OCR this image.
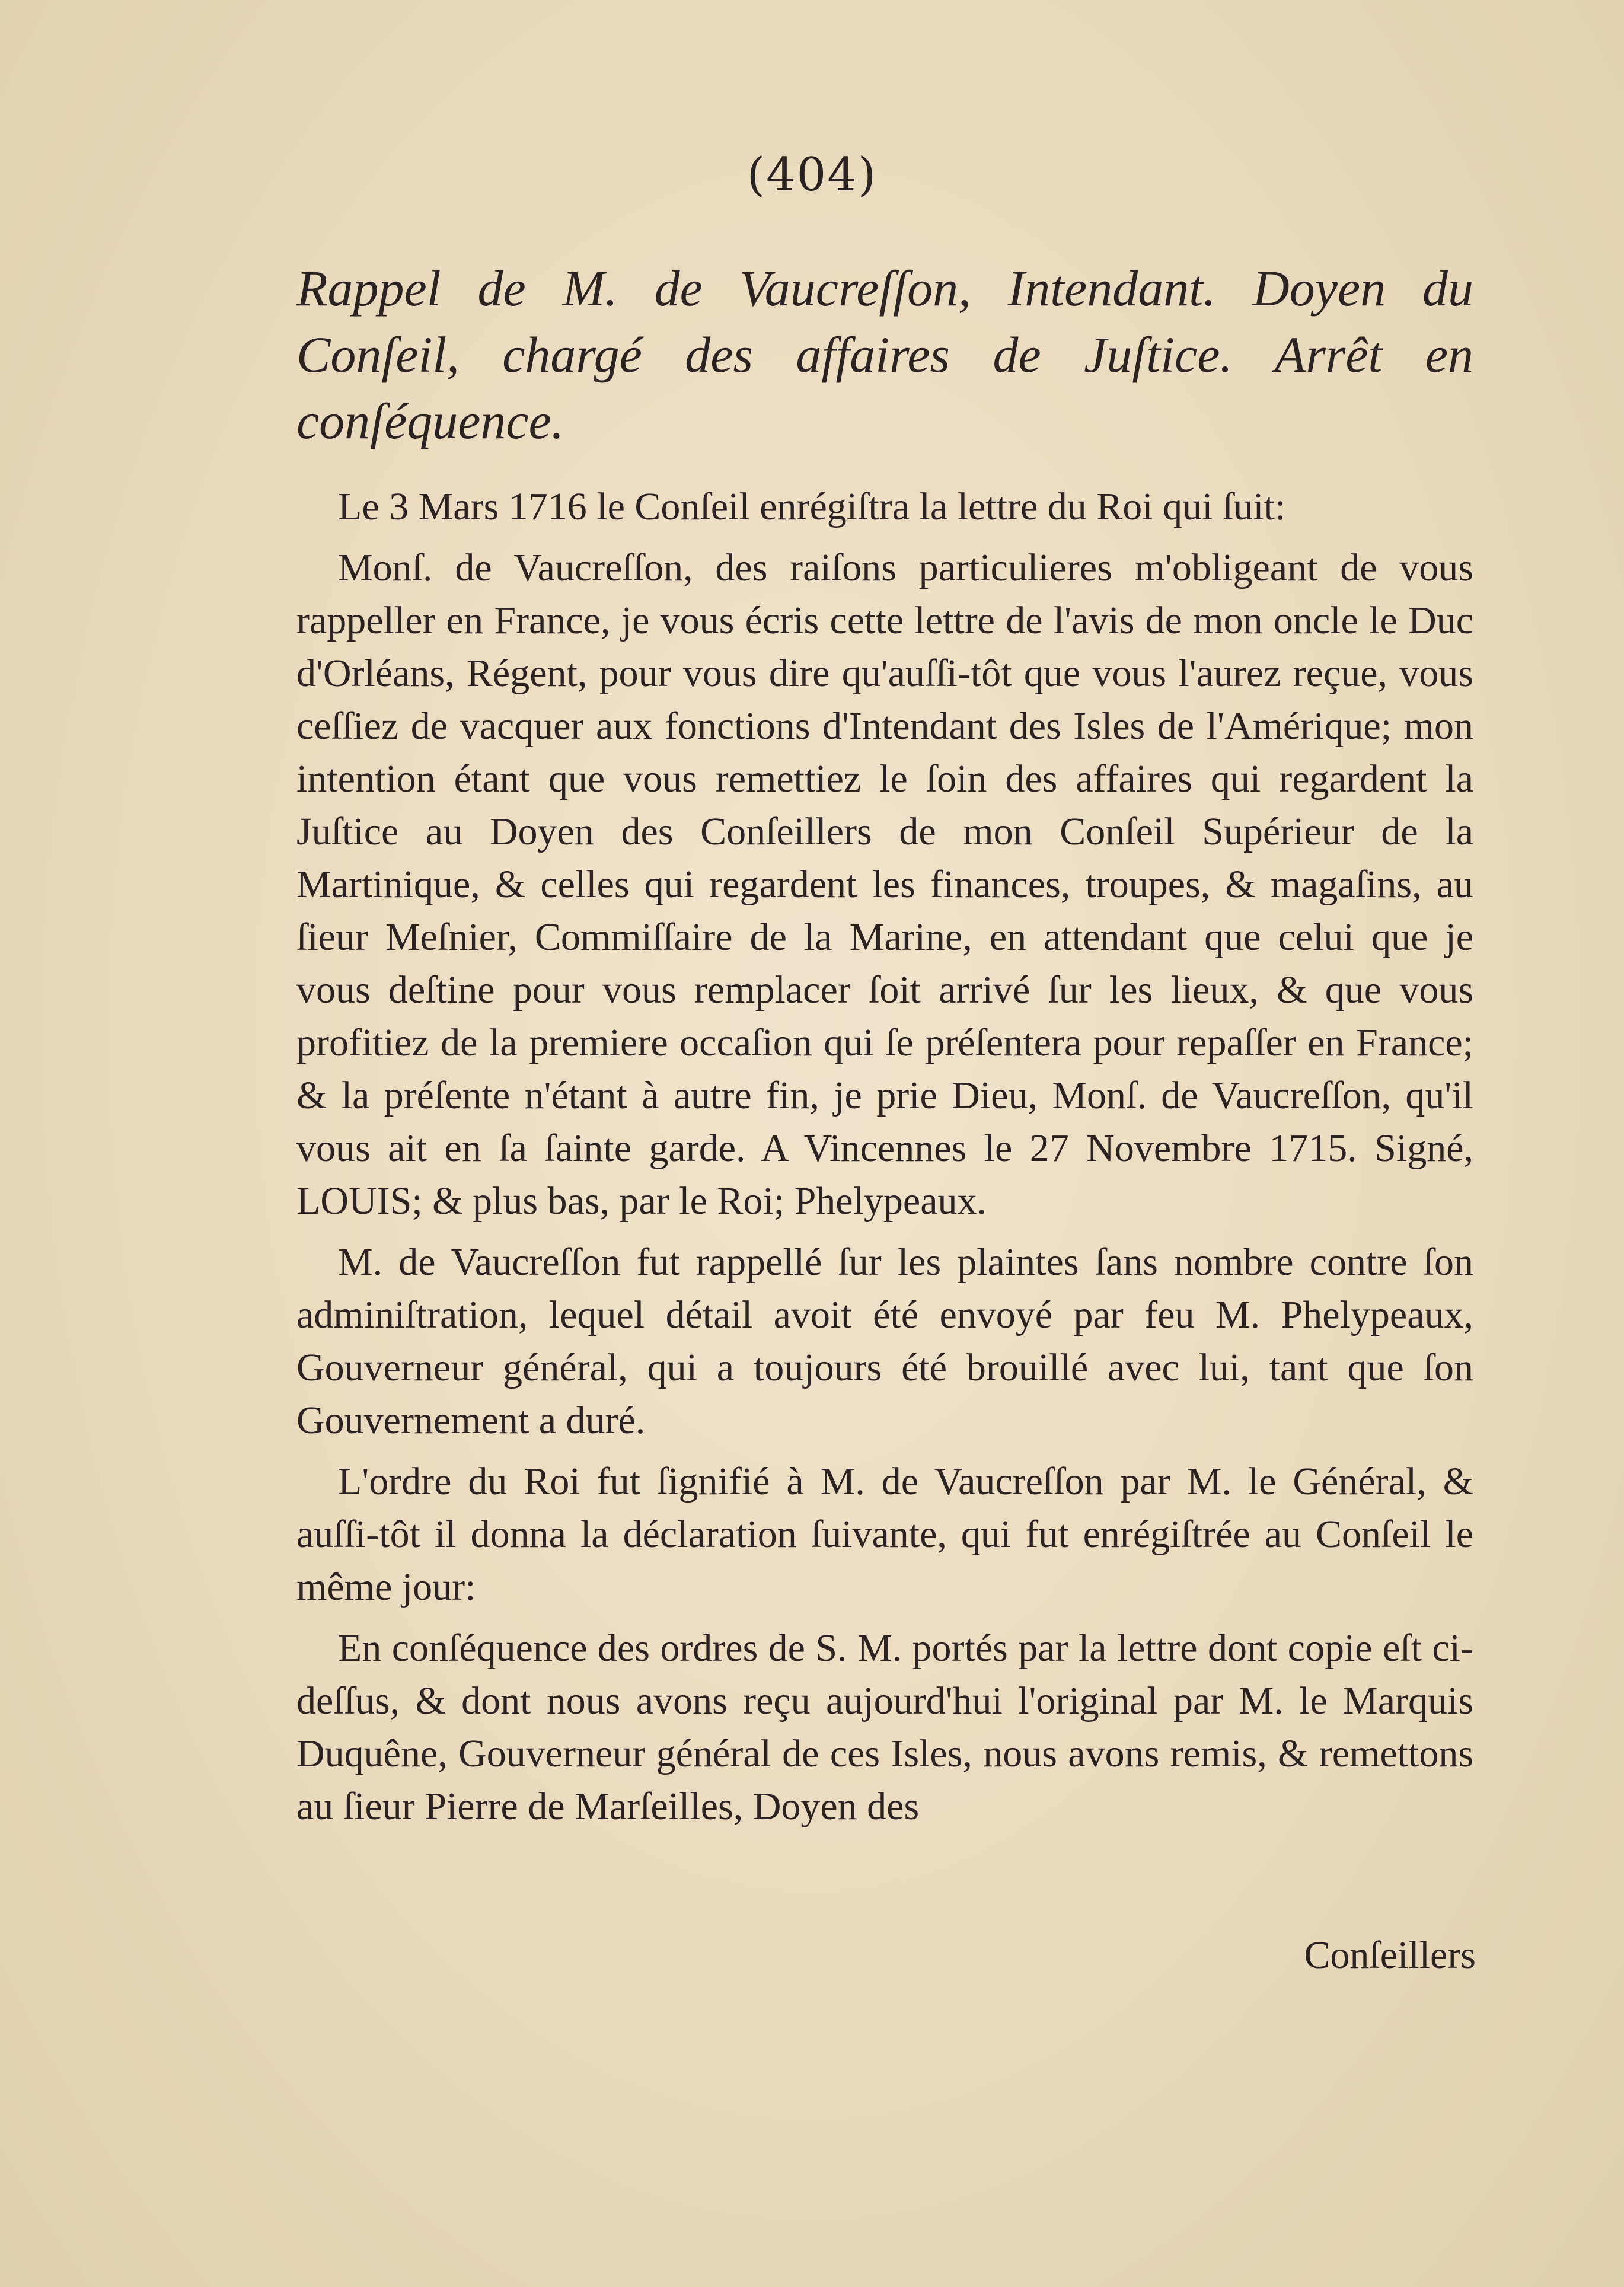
(404)
Rappel de M. de Vaucreſſon, Intendant. Doyen du Conſeil, chargé des affaires de Juſtice. Arrêt en conſéquence.

Le 3 Mars 1716 le Conſeil enrégiſtra la lettre du Roi qui ſuit:

Monſ. de Vaucreſſon, des raiſons particulieres m'obligeant de vous rappeller en France, je vous écris cette lettre de l'avis de mon oncle le Duc d'Orléans, Régent, pour vous dire qu'auſſi-tôt que vous l'aurez reçue, vous ceſſiez de vacquer aux fonctions d'Intendant des Isles de l'Amérique; mon intention étant que vous remettiez le ſoin des affaires qui regardent la Juſtice au Doyen des Conſeillers de mon Conſeil Supérieur de la Martinique, & celles qui regardent les finances, troupes, & magaſins, au ſieur Meſnier, Commiſſaire de la Marine, en attendant que celui que je vous deſtine pour vous remplacer ſoit arrivé ſur les lieux, & que vous profitiez de la premiere occaſion qui ſe préſentera pour repaſſer en France; & la préſente n'étant à autre fin, je prie Dieu, Monſ. de Vaucreſſon, qu'il vous ait en ſa ſainte garde. A Vincennes le 27 Novembre 1715. Signé, LOUIS; & plus bas, par le Roi; Phelypeaux.

M. de Vaucreſſon fut rappellé ſur les plaintes ſans nombre contre ſon adminiſtration, lequel détail avoit été envoyé par feu M. Phelypeaux, Gouverneur général, qui a toujours été brouillé avec lui, tant que ſon Gouvernement a duré.

L'ordre du Roi fut ſignifié à M. de Vaucreſſon par M. le Général, & auſſi-tôt il donna la déclaration ſuivante, qui fut enrégiſtrée au Conſeil le même jour:

En conſéquence des ordres de S. M. portés par la lettre dont copie eſt ci-deſſus, & dont nous avons reçu aujourd'hui l'original par M. le Marquis Duquêne, Gouverneur général de ces Isles, nous avons remis, & remettons au ſieur Pierre de Marſeilles, Doyen des

Conſeillers
